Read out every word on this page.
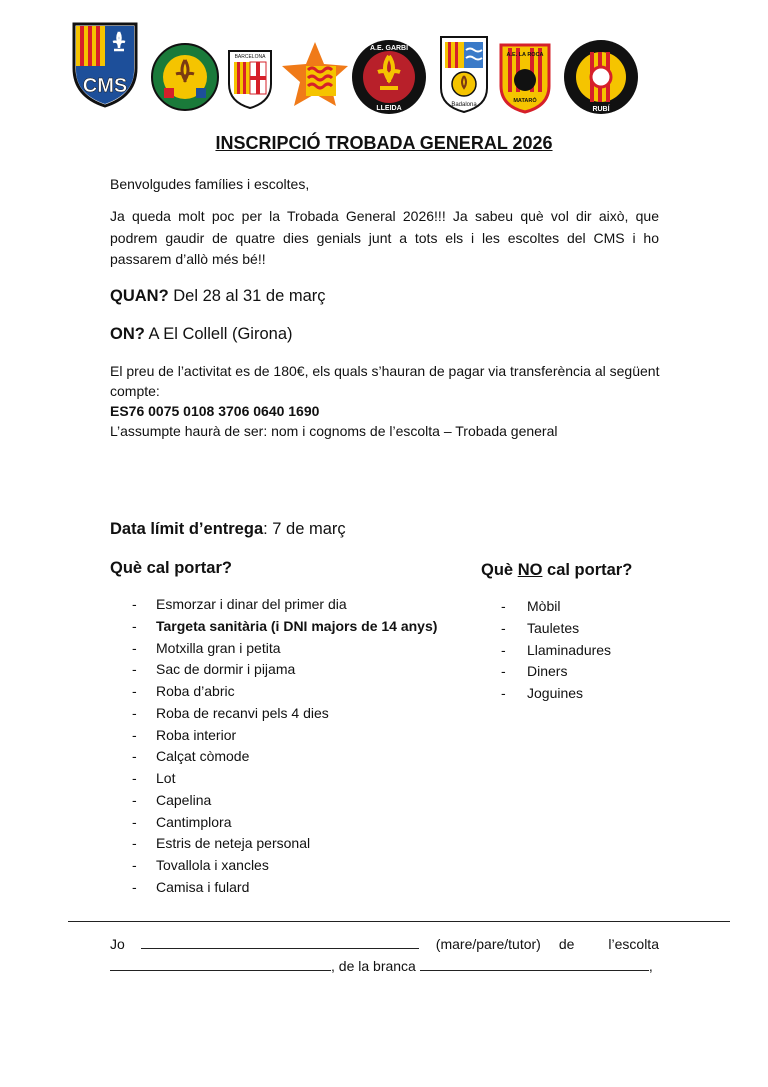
CMS
BARCELONA
A.E. GARBÍ
LLEIDA	Badalona
A.E. LA ROCA
MATARÓ
RUBÍ
INSCRIPCIÓ TROBADA GENERAL 2026
Benvolgudes famílies i escoltes,
Ja queda molt poc per la Trobada General 2026!!! Ja sabeu què vol dir això, que podrem gaudir de quatre dies genials junt a tots els i les escoltes del CMS i ho passarem d’allò més bé!!
QUAN? Del 28 al 31 de març
ON? A El Collell (Girona)
El preu de l’activitat es de 180€, els quals s’hauran de pagar via transferència al següent compte:
ES76 0075 0108 3706 0640 1690
L’assumpte haurà de ser: nom i cognoms de l’escolta – Trobada general
Data límit d’entrega: 7 de març
Què cal portar?	Què NO cal portar?
- Esmorzar i dinar del primer dia
- Targeta sanitària (i DNI majors de 14 anys)
- Motxilla gran i petita
- Sac de dormir i pijama
- Roba d’abric
- Roba de recanvi pels 4 dies
- Roba interior
- Calçat còmode
- Lot
- Capelina
- Cantimplora
- Estris de neteja personal
- Tovallola i xancles
- Camisa i fulard
- Mòbil
- Tauletes
- Llaminadures
- Diners
- Joguines
Jo	(mare/pare/tutor) de l’escolta
, de la branca	,
